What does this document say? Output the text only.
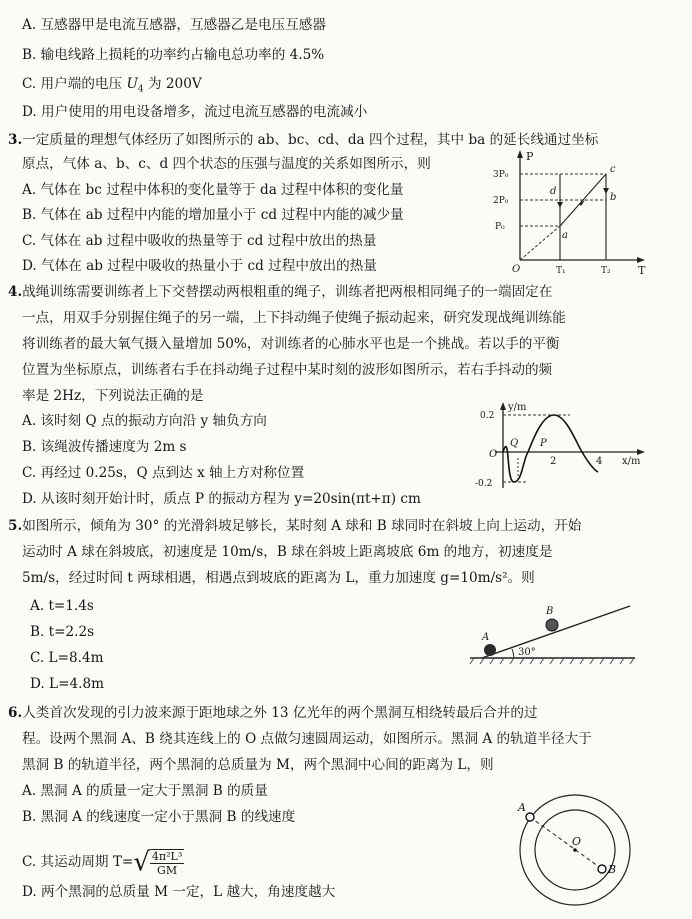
A. 互感器甲是电流互感器，互感器乙是电压互感器
B. 输电线路上损耗的功率约占输电总功率的 4.5%
C. 用户端的电压 $U_4$ 为 200V
D. 用户使用的用电设备增多，流过电流互感器的电流减小
3.一定质量的理想气体经历了如图所示的 ab、bc、cd、da 四个过程，其中 ba 的延长线通过坐标
原点，气体 a、b、c、d 四个状态的压强与温度的关系如图所示，则
A. 气体在 bc 过程中体积的变化量等于 da 过程中体积的变化量
B. 气体在 ab 过程中内能的增加量小于 cd 过程中内能的减少量
C. 气体在 ab 过程中吸收的热量等于 cd 过程中放出的热量
D. 气体在 ab 过程中吸收的热量小于 cd 过程中放出的热量
P
T
O
3P₀
2P₀
P₀
a
b
c
d
T₁	T₂
4.战绳训练需要训练者上下交替摆动两根粗重的绳子，训练者把两根相同绳子的一端固定在
一点，用双手分别握住绳子的另一端，上下抖动绳子使绳子振动起来，研究发现战绳训练能
将训练者的最大氧气摄入量增加 50%，对训练者的心肺水平也是一个挑战。若以手的平衡
位置为坐标原点，训练者右手在抖动绳子过程中某时刻的波形如图所示，若右手抖动的频
率是 2Hz，下列说法正确的是
A. 该时刻 Q 点的振动方向沿 y 轴负方向
B. 该绳波传播速度为 2m s
C. 再经过 0.25s，Q 点到达 x 轴上方对称位置
D. 从该时刻开始计时，质点 P 的振动方程为 y=20sin(πt+π) cm
y/m
x/m
O
0.2
-0.2
P
Q
2	4
5.如图所示，倾角为 30° 的光滑斜坡足够长，某时刻 A 球和 B 球同时在斜坡上向上运动，开始
运动时 A 球在斜坡底，初速度是 10m/s，B 球在斜坡上距离坡底 6m 的地方，初速度是
5m/s，经过时间 t 两球相遇，相遇点到坡底的距离为 L，重力加速度 g=10m/s²。则
A. t=1.4s
B. t=2.2s
C. L=8.4m
D. L=4.8m
30°
A
B
6.人类首次发现的引力波来源于距地球之外 13 亿光年的两个黑洞互相绕转最后合并的过
程。设两个黑洞 A、B 绕其连线上的 O 点做匀速圆周运动，如图所示。黑洞 A 的轨道半径大于
黑洞 B 的轨道半径，两个黑洞的总质量为 M，两个黑洞中心间的距离为 L，则
A. 黑洞 A 的质量一定大于黑洞 B 的质量
B. 黑洞 A 的线速度一定小于黑洞 B 的线速度
C. 其运动周期 $T=√ \frac{\text{4π²L³}}{GM}$
D. 两个黑洞的总质量 M 一定，L 越大，角速度越大
A
B
O
